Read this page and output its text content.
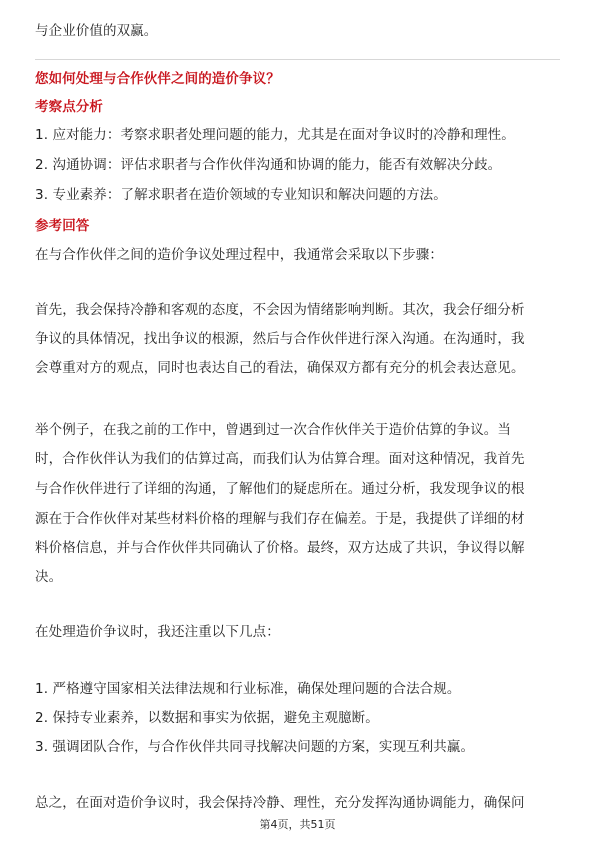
与企业价值的双赢。
您如何处理与合作伙伴之间的造价争议？
考察点分析
1. 应对能力：考察求职者处理问题的能力，尤其是在面对争议时的冷静和理性。
2. 沟通协调：评估求职者与合作伙伴沟通和协调的能力，能否有效解决分歧。
3. 专业素养：了解求职者在造价领域的专业知识和解决问题的方法。
参考回答
在与合作伙伴之间的造价争议处理过程中，我通常会采取以下步骤：
首先，我会保持冷静和客观的态度，不会因为情绪影响判断。其次，我会仔细分析
争议的具体情况，找出争议的根源，然后与合作伙伴进行深入沟通。在沟通时，我
会尊重对方的观点，同时也表达自己的看法，确保双方都有充分的机会表达意见。
举个例子，在我之前的工作中，曾遇到过一次合作伙伴关于造价估算的争议。当
时，合作伙伴认为我们的估算过高，而我们认为估算合理。面对这种情况，我首先
与合作伙伴进行了详细的沟通，了解他们的疑虑所在。通过分析，我发现争议的根
源在于合作伙伴对某些材料价格的理解与我们存在偏差。于是，我提供了详细的材
料价格信息，并与合作伙伴共同确认了价格。最终，双方达成了共识，争议得以解
决。
在处理造价争议时，我还注重以下几点：
1. 严格遵守国家相关法律法规和行业标准，确保处理问题的合法合规。
2. 保持专业素养，以数据和事实为依据，避免主观臆断。
3. 强调团队合作，与合作伙伴共同寻找解决问题的方案，实现互利共赢。
总之，在面对造价争议时，我会保持冷静、理性，充分发挥沟通协调能力，确保问
第4页，共51页
